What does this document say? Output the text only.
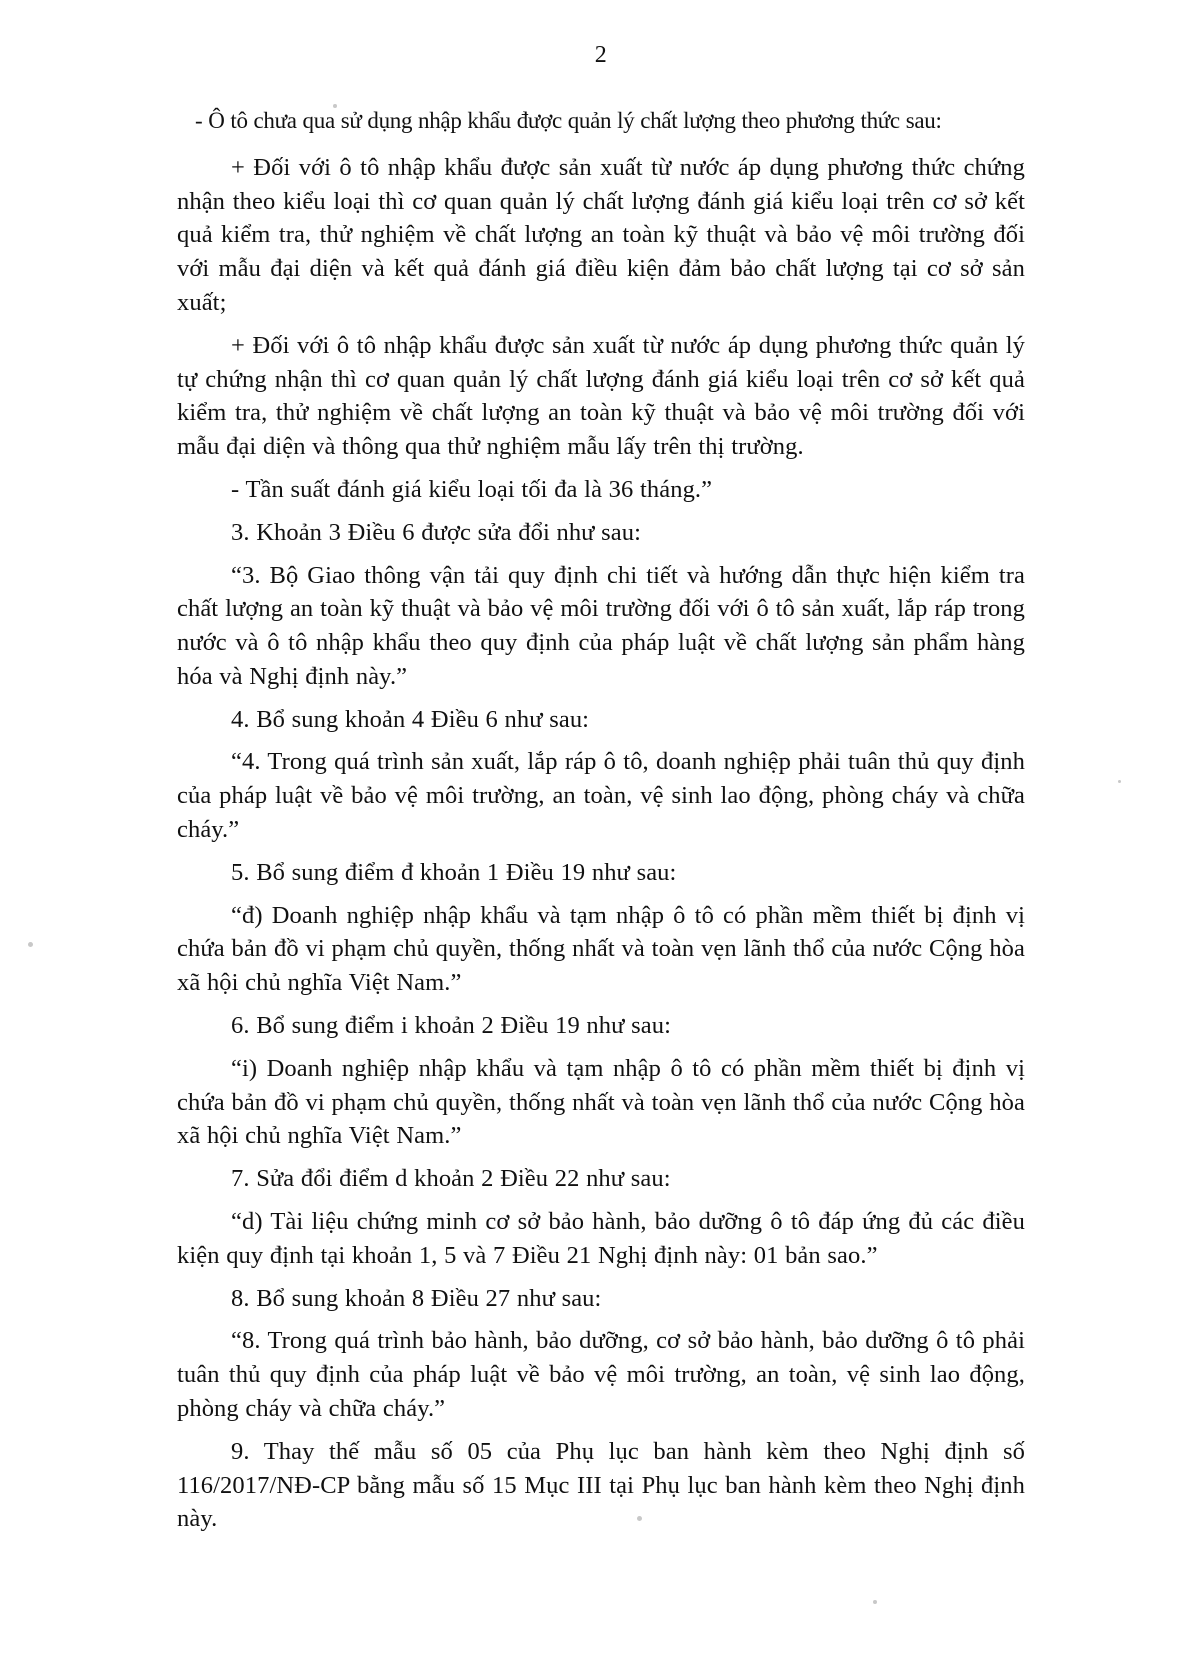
2

- Ô tô chưa qua sử dụng nhập khẩu được quản lý chất lượng theo phương thức sau:

+ Đối với ô tô nhập khẩu được sản xuất từ nước áp dụng phương thức chứng nhận theo kiểu loại thì cơ quan quản lý chất lượng đánh giá kiểu loại trên cơ sở kết quả kiểm tra, thử nghiệm về chất lượng an toàn kỹ thuật và bảo vệ môi trường đối với mẫu đại diện và kết quả đánh giá điều kiện đảm bảo chất lượng tại cơ sở sản xuất;

+ Đối với ô tô nhập khẩu được sản xuất từ nước áp dụng phương thức quản lý tự chứng nhận thì cơ quan quản lý chất lượng đánh giá kiểu loại trên cơ sở kết quả kiểm tra, thử nghiệm về chất lượng an toàn kỹ thuật và bảo vệ môi trường đối với mẫu đại diện và thông qua thử nghiệm mẫu lấy trên thị trường.

- Tần suất đánh giá kiểu loại tối đa là 36 tháng.”

3. Khoản 3 Điều 6 được sửa đổi như sau:

“3. Bộ Giao thông vận tải quy định chi tiết và hướng dẫn thực hiện kiểm tra chất lượng an toàn kỹ thuật và bảo vệ môi trường đối với ô tô sản xuất, lắp ráp trong nước và ô tô nhập khẩu theo quy định của pháp luật về chất lượng sản phẩm hàng hóa và Nghị định này.”

4. Bổ sung khoản 4 Điều 6 như sau:

“4. Trong quá trình sản xuất, lắp ráp ô tô, doanh nghiệp phải tuân thủ quy định của pháp luật về bảo vệ môi trường, an toàn, vệ sinh lao động, phòng cháy và chữa cháy.”

5. Bổ sung điểm đ khoản 1 Điều 19 như sau:

“đ) Doanh nghiệp nhập khẩu và tạm nhập ô tô có phần mềm thiết bị định vị chứa bản đồ vi phạm chủ quyền, thống nhất và toàn vẹn lãnh thổ của nước Cộng hòa xã hội chủ nghĩa Việt Nam.”

6. Bổ sung điểm i khoản 2 Điều 19 như sau:

“i) Doanh nghiệp nhập khẩu và tạm nhập ô tô có phần mềm thiết bị định vị chứa bản đồ vi phạm chủ quyền, thống nhất và toàn vẹn lãnh thổ của nước Cộng hòa xã hội chủ nghĩa Việt Nam.”

7. Sửa đổi điểm d khoản 2 Điều 22 như sau:

“d) Tài liệu chứng minh cơ sở bảo hành, bảo dưỡng ô tô đáp ứng đủ các điều kiện quy định tại khoản 1, 5 và 7 Điều 21 Nghị định này: 01 bản sao.”

8. Bổ sung khoản 8 Điều 27 như sau:

“8. Trong quá trình bảo hành, bảo dưỡng, cơ sở bảo hành, bảo dưỡng ô tô phải tuân thủ quy định của pháp luật về bảo vệ môi trường, an toàn, vệ sinh lao động, phòng cháy và chữa cháy.”

9. Thay thế mẫu số 05 của Phụ lục ban hành kèm theo Nghị định số 116/2017/NĐ-CP bằng mẫu số 15 Mục III tại Phụ lục ban hành kèm theo Nghị định này.
